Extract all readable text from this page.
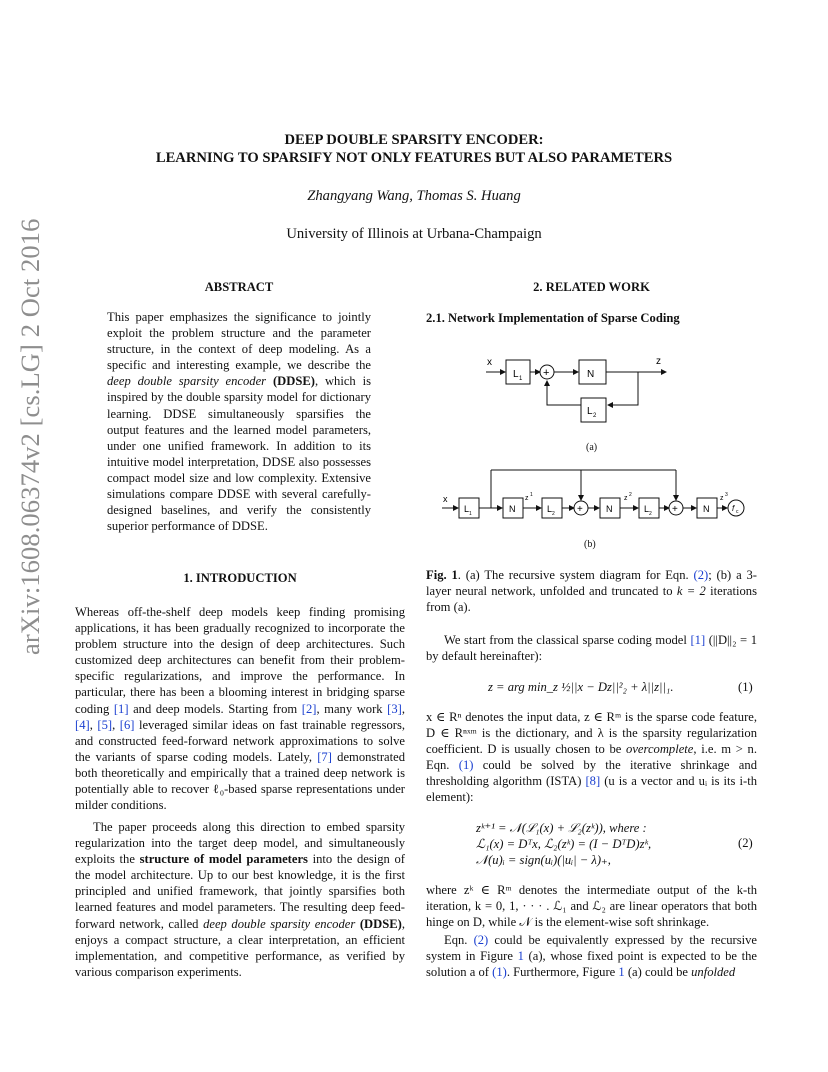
DEEP DOUBLE SPARSITY ENCODER:
LEARNING TO SPARSIFY NOT ONLY FEATURES BUT ALSO PARAMETERS
Zhangyang Wang, Thomas S. Huang
University of Illinois at Urbana-Champaign
arXiv:1608.06374v2 [cs.LG] 2 Oct 2016	ABSTRACT
This paper emphasizes the significance to jointly exploit the problem structure and the parameter structure, in the context of deep modeling. As a specific and interesting example, we describe the deep double sparsity encoder (DDSE), which is inspired by the double sparsity model for dictionary learning. DDSE simultaneously sparsifies the output features and the learned model parameters, under one unified framework. In addition to its intuitive model interpretation, DDSE also possesses compact model size and low complexity. Extensive simulations compare DDSE with several carefully-designed baselines, and verify the consistently superior performance of DDSE.
1. INTRODUCTION
Whereas off-the-shelf deep models keep finding promising applications, it has been gradually recognized to incorporate the problem structure into the design of deep architectures. Such customized deep architectures can benefit from their problem-specific regularizations, and improve the performance. In particular, there has been a blooming interest in bridging sparse coding [1] and deep models. Starting from [2], many work [3], [4], [5], [6] leveraged similar ideas on fast trainable regressors, and constructed feed-forward network approximations to solve the variants of sparse coding models. Lately, [7] demonstrated both theoretically and empirically that a trained deep network is potentially able to recover ℓ₀-based sparse representations under milder conditions.
The paper proceeds along this direction to embed sparsity regularization into the target deep model, and simultaneously exploits the structure of model parameters into the design of the model architecture. Up to our best knowledge, it is the first principled and unified framework, that jointly sparsifies both learned features and model parameters. The resulting deep feed-forward network, called deep double sparsity encoder (DDSE), enjoys a compact structure, a clear interpretation, an efficient implementation, and competitive performance, as verified by various comparison experiments.
2. RELATED WORK
2.1. Network Implementation of Sparse Coding
x
L 1 +	N
z
L 2
(a)
x
L 1	N
z 1
L 2 +	N
z 2
L 2 +	N
z 3
f c
(b)
Fig. 1. (a) The recursive system diagram for Eqn. (2); (b) a 3-layer neural network, unfolded and truncated to k = 2 iterations from (a).
We start from the classical sparse coding model [1] (||D||₂ = 1 by default hereinafter):
z = arg min_z ½||x − Dz||²₂ + λ||z||₁.	(1)
x ∈ Rⁿ denotes the input data, z ∈ Rᵐ is the sparse code feature, D ∈ Rⁿˣᵐ is the dictionary, and λ is the sparsity regularization coefficient. D is usually chosen to be overcomplete, i.e. m > n. Eqn. (1) could be solved by the iterative shrinkage and thresholding algorithm (ISTA) [8] (u is a vector and uᵢ is its i-th element):
zᵏ⁺¹ = 𝒩(ℒ₁(x) + ℒ₂(zᵏ)), where :
ℒ₁(x) = Dᵀx, ℒ₂(zᵏ) = (I − DᵀD)zᵏ,
𝒩(u)ᵢ = sign(uᵢ)(|uᵢ| − λ)₊,
(2)
where zᵏ ∈ Rᵐ denotes the intermediate output of the k-th iteration, k = 0, 1, · · · . ℒ₁ and ℒ₂ are linear operators that both hinge on D, while 𝒩 is the element-wise soft shrinkage.
Eqn. (2) could be equivalently expressed by the recursive system in Figure 1 (a), whose fixed point is expected to be the solution a of (1). Furthermore, Figure 1 (a) could be unfolded
